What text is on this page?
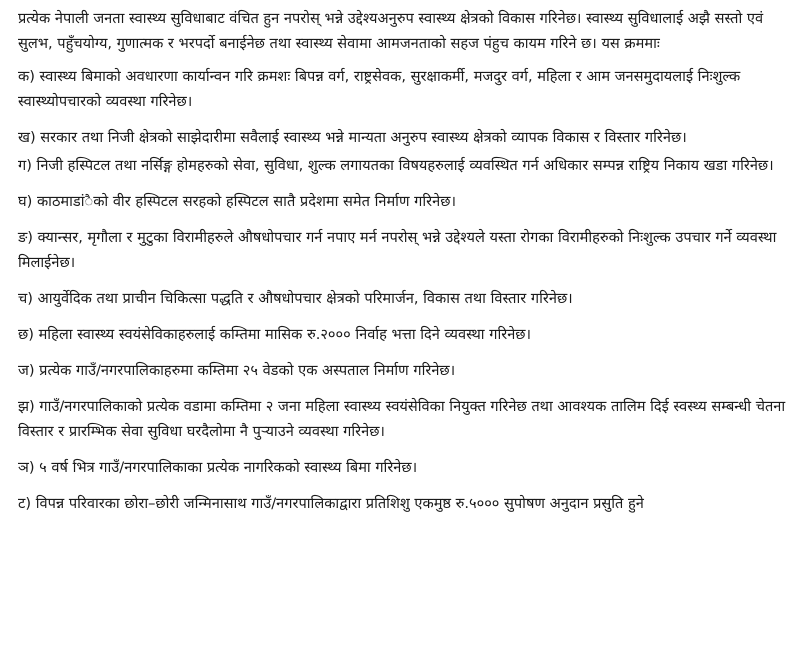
प्रत्येक नेपाली जनता स्वास्थ्य सुविधाबाट वंचित हुन नपरोस् भन्ने उद्देश्यअनुरुप स्वास्थ्य क्षेत्रको विकास गरिनेछ। स्वास्थ्य सुविधालाई अझै सस्तो एवं सुलभ, पहुँचयोग्य, गुणात्मक र भरपर्दो बनाईनेछ तथा स्वास्थ्य सेवामा आमजनताको सहज पंहुच कायम गरिने छ। यस क्रममाः

क) स्वास्थ्य बिमाको अवधारणा कार्यान्वन गरि क्रमशः बिपन्न वर्ग, राष्ट्रसेवक, सुरक्षाकर्मी, मजदुर वर्ग, महिला र आम जनसमुदायलाई निःशुल्क स्वास्थ्योपचारको व्यवस्था गरिनेछ।

ख) सरकार तथा निजी क्षेत्रको साझेदारीमा सवैलाई स्वास्थ्य भन्ने मान्यता अनुरुप स्वास्थ्य क्षेत्रको व्यापक विकास र विस्तार गरिनेछ।

ग) निजी हस्पिटल तथा नर्सिङ्ग होमहरुको सेवा, सुविधा, शुल्क लगायतका विषयहरुलाई व्यवस्थित गर्न अधिकार सम्पन्न राष्ट्रिय निकाय खडा गरिनेछ।

घ) काठमाडांैको वीर हस्पिटल सरहको हस्पिटल सातै प्रदेशमा समेत निर्माण गरिनेछ।

ङ) क्यान्सर, मृगौला र मुटुका विरामीहरुले औषधोपचार गर्न नपाए मर्न नपरोस् भन्ने उद्देश्यले यस्ता रोगका विरामीहरुको निःशुल्क उपचार गर्ने व्यवस्था मिलाईनेछ।

च) आयुर्वेदिक तथा प्राचीन चिकित्सा पद्धति र औषधोपचार क्षेत्रको परिमार्जन, विकास तथा विस्तार गरिनेछ।

छ) महिला स्वास्थ्य स्वयंसेविकाहरुलाई कम्तिमा मासिक रु.२००० निर्वाह भत्ता दिने व्यवस्था गरिनेछ।

ज) प्रत्येक गाउँ/नगरपालिकाहरुमा कम्तिमा २५ वेडको एक अस्पताल निर्माण गरिनेछ।

झ) गाउँ/नगरपालिकाको प्रत्येक वडामा कम्तिमा २ जना महिला स्वास्थ्य स्वयंसेविका नियुक्त गरिनेछ तथा आवश्यक तालिम दिई स्वस्थ्य सम्बन्धी चेतना विस्तार र प्रारम्भिक सेवा सुविधा घरदैलोमा नै पुऱ्याउने व्यवस्था गरिनेछ।

ञ) ५ वर्ष भित्र गाउँ/नगरपालिकाका प्रत्येक नागरिकको स्वास्थ्य बिमा गरिनेछ।

ट) विपन्न परिवारका छोरा–छोरी जन्मिनासाथ गाउँ/नगरपालिकाद्वारा प्रतिशिशु एकमुष्ठ रु.५००० सुपोषण अनुदान प्रसुति हुने
